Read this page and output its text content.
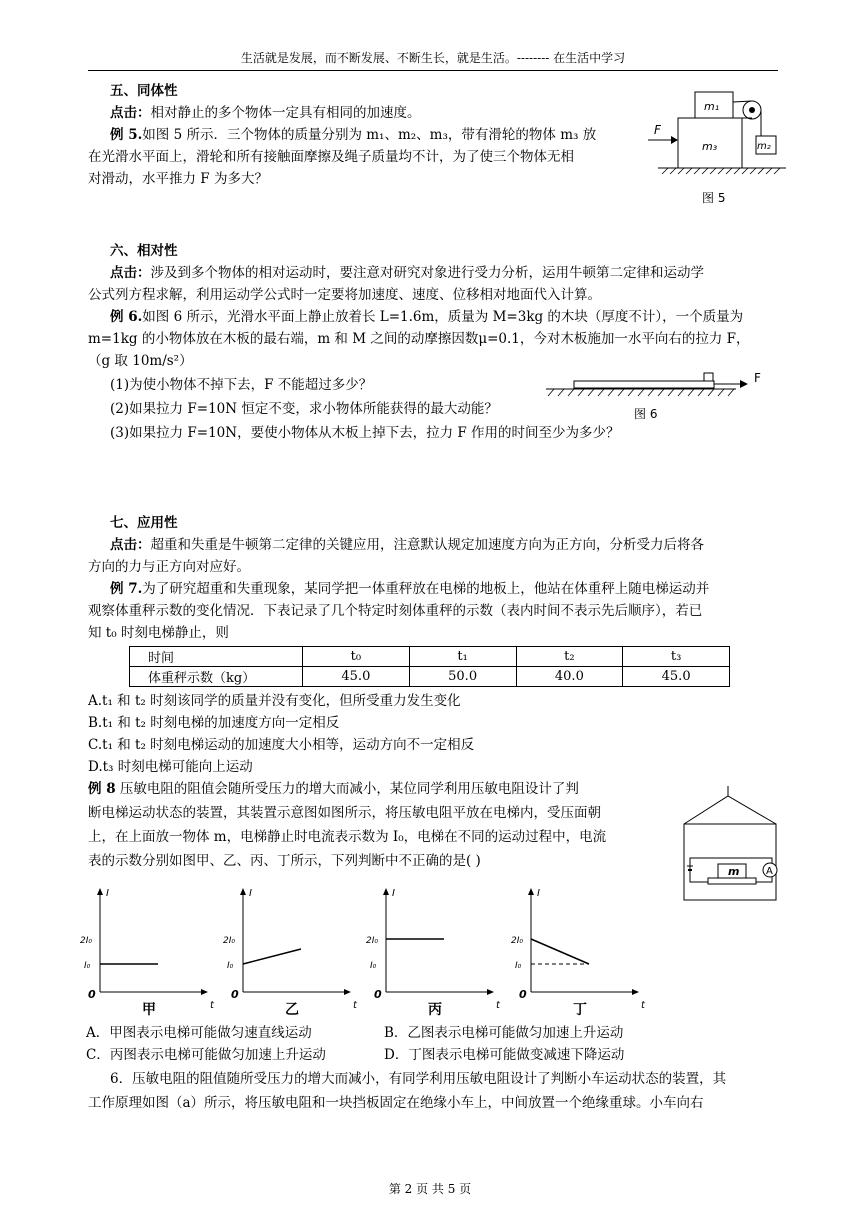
生活就是发展，而不断发展、不断生长，就是生活。-------- 在生活中学习
五、同体性
点击：相对静止的多个物体一定具有相同的加速度。
例 5.如图 5 所示．三个物体的质量分别为 m₁、m₂、m₃，带有滑轮的物体 m₃ 放
在光滑水平面上，滑轮和所有接触面摩擦及绳子质量均不计，为了使三个物体无相
对滑动，水平推力 F 为多大？
m₁
m₃	m₂
F
图 5
六、相对性
点击：涉及到多个物体的相对运动时，要注意对研究对象进行受力分析，运用牛顿第二定律和运动学
公式列方程求解，利用运动学公式时一定要将加速度、速度、位移相对地面代入计算。
例 6.如图 6 所示，光滑水平面上静止放着长 L=1.6m，质量为 M=3kg 的木块（厚度不计），一个质量为
m=1kg 的小物体放在木板的最右端，m 和 M 之间的动摩擦因数μ=0.1，今对木板施加一水平向右的拉力 F，
（g 取 10m/s²）
(1)为使小物体不掉下去，F 不能超过多少？
(2)如果拉力 F=10N 恒定不变，求小物体所能获得的最大动能？
(3)如果拉力 F=10N，要使小物体从木板上掉下去，拉力 F 作用的时间至少为多少？
F
图 6
七、应用性
点击：超重和失重是牛顿第二定律的关键应用，注意默认规定加速度方向为正方向，分析受力后将各
方向的力与正方向对应好。
例 7.为了研究超重和失重现象，某同学把一体重秤放在电梯的地板上，他站在体重秤上随电梯运动并
观察体重秤示数的变化情况．下表记录了几个特定时刻体重秤的示数（表内时间不表示先后顺序），若已
知 t₀ 时刻电梯静止，则
时间	t₀	t₁	t₂	t₃
体重秤示数（kg）	45.0	50.0	40.0	45.0
A.t₁ 和 t₂ 时刻该同学的质量并没有变化，但所受重力发生变化
B.t₁ 和 t₂ 时刻电梯的加速度方向一定相反
C.t₁ 和 t₂ 时刻电梯运动的加速度大小相等，运动方向不一定相反
D.t₃ 时刻电梯可能向上运动
例 8 压敏电阻的阻值会随所受压力的增大而减小，某位同学利用压敏电阻设计了判
断电梯运动状态的装置，其装置示意图如图所示，将压敏电阻平放在电梯内，受压面朝
上，在上面放一物体 m，电梯静止时电流表示数为 I₀，电梯在不同的运动过程中，电流
表的示数分别如图甲、乙、丙、丁所示，下列判断中不正确的是( )
m	A
I
t
0
I₀
2I₀
甲
I
t
0
I₀
2I₀
乙
I
t
0
I₀
2I₀
丙
I
t
0
I₀
2I₀
丁
A．甲图表示电梯可能做匀速直线运动	B．乙图表示电梯可能做匀加速上升运动
C．丙图表示电梯可能做匀加速上升运动	D．丁图表示电梯可能做变减速下降运动
6．压敏电阻的阻值随所受压力的增大而减小，有同学利用压敏电阻设计了判断小车运动状态的装置，其
工作原理如图（a）所示，将压敏电阻和一块挡板固定在绝缘小车上，中间放置一个绝缘重球。小车向右
第 2 页 共 5 页
